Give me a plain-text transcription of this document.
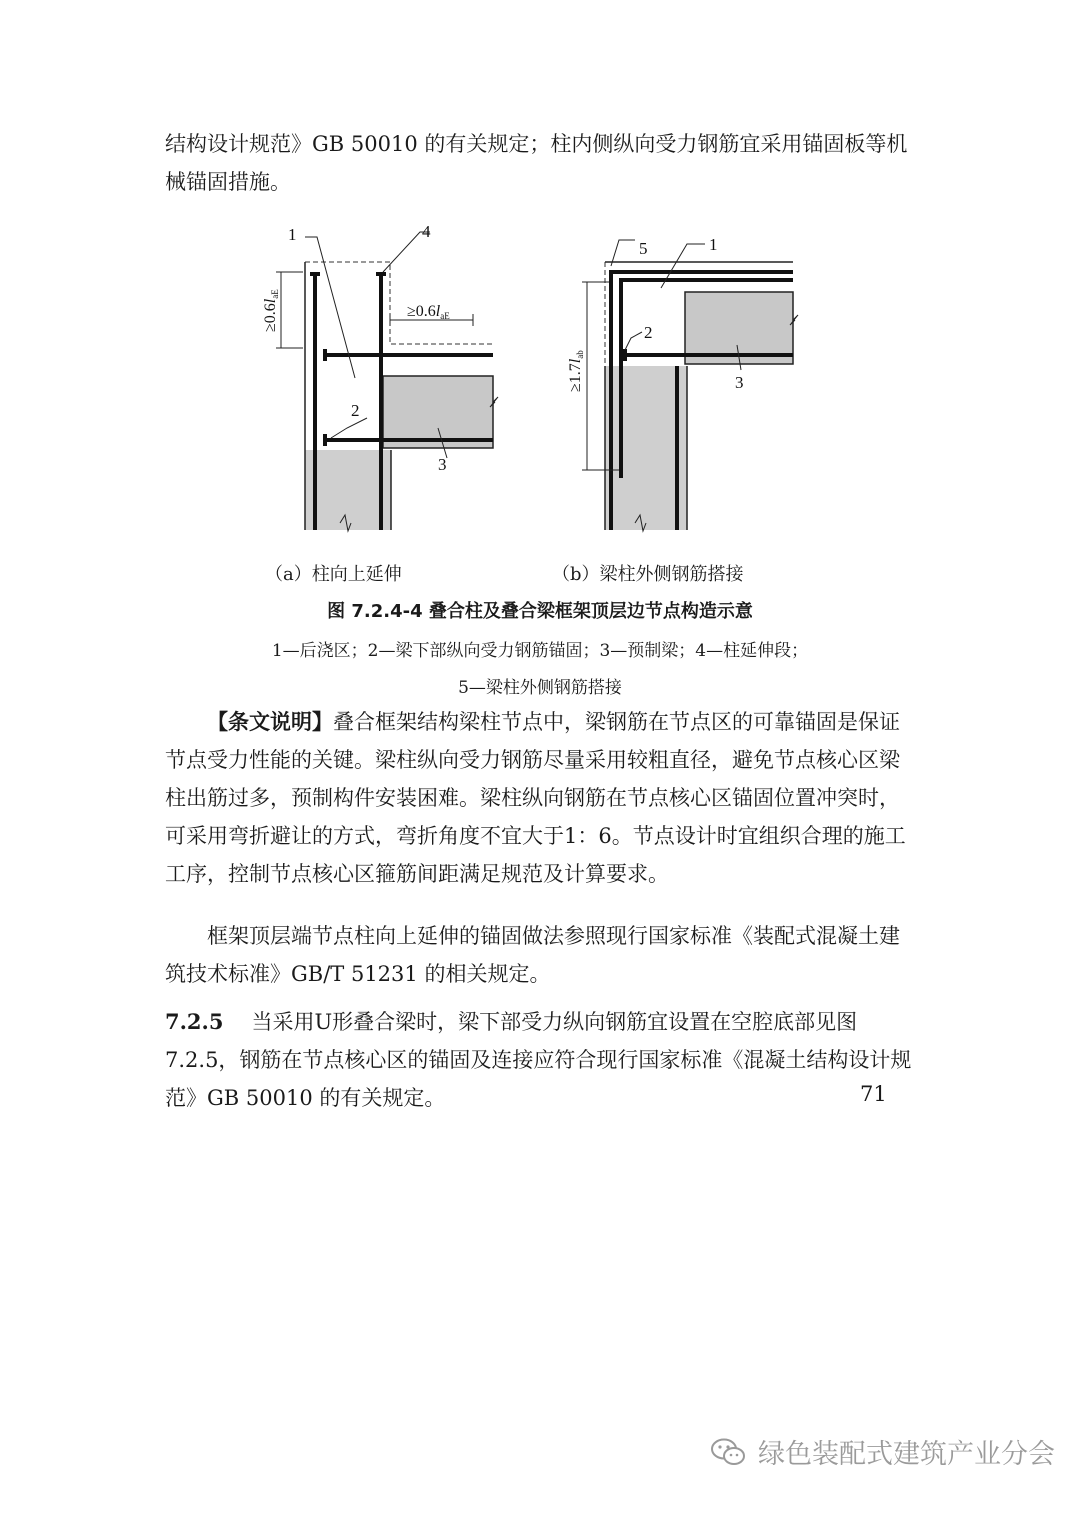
结构设计规范》GB 50010 的有关规定；柱内侧纵向受力钢筋宜采用锚固板等机械锚固措施。

≥0.6laE
≥0.6laE
1	4
2
3
≥1.7lab
5	1
2
3
（a）柱向上延伸	（b）梁柱外侧钢筋搭接
图 7.2.4-4 叠合柱及叠合梁框架顶层边节点构造示意
1—后浇区；2—梁下部纵向受力钢筋锚固；3—预制梁；4—柱延伸段；
5—梁柱外侧钢筋搭接

【条文说明】叠合框架结构梁柱节点中，梁钢筋在节点区的可靠锚固是保证节点受力性能的关键。梁柱纵向受力钢筋尽量采用较粗直径，避免节点核心区梁柱出筋过多，预制构件安装困难。梁柱纵向钢筋在节点核心区锚固位置冲突时，可采用弯折避让的方式，弯折角度不宜大于1：6。节点设计时宜组织合理的施工工序，控制节点核心区箍筋间距满足规范及计算要求。

框架顶层端节点柱向上延伸的锚固做法参照现行国家标准《装配式混凝土建筑技术标准》GB/T 51231 的相关规定。

7.2.5 当采用U形叠合梁时，梁下部受力纵向钢筋宜设置在空腔底部见图7.2.5，钢筋在节点核心区的锚固及连接应符合现行国家标准《混凝土结构设计规范》GB 50010 的有关规定。	71
绿色装配式建筑产业分会
